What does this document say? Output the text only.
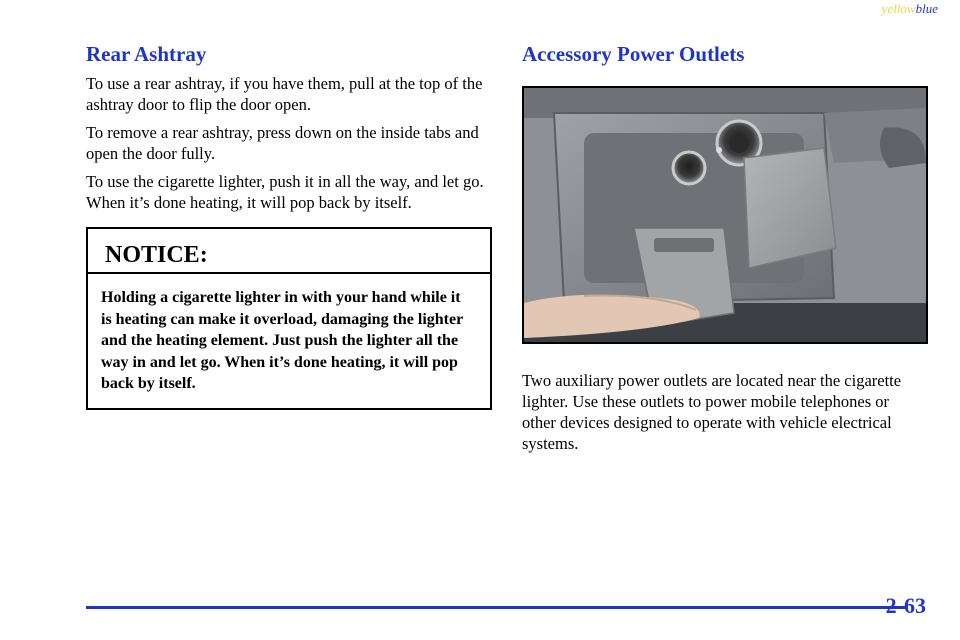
yellowblue
Rear Ashtray

To use a rear ashtray, if you have them, pull at the top of the ashtray door to flip the door open.

To remove a rear ashtray, press down on the inside tabs and open the door fully.

To use the cigarette lighter, push it in all the way, and let go. When it’s done heating, it will pop back by itself.

NOTICE:
Holding a cigarette lighter in with your hand while it is heating can make it overload, damaging the lighter and the heating element. Just push the lighter all the way in and let go. When it’s done heating, it will pop back by itself.
Accessory Power Outlets

Two auxiliary power outlets are located near the cigarette lighter. Use these outlets to power mobile telephones or other devices designed to operate with vehicle electrical systems.

2-63
